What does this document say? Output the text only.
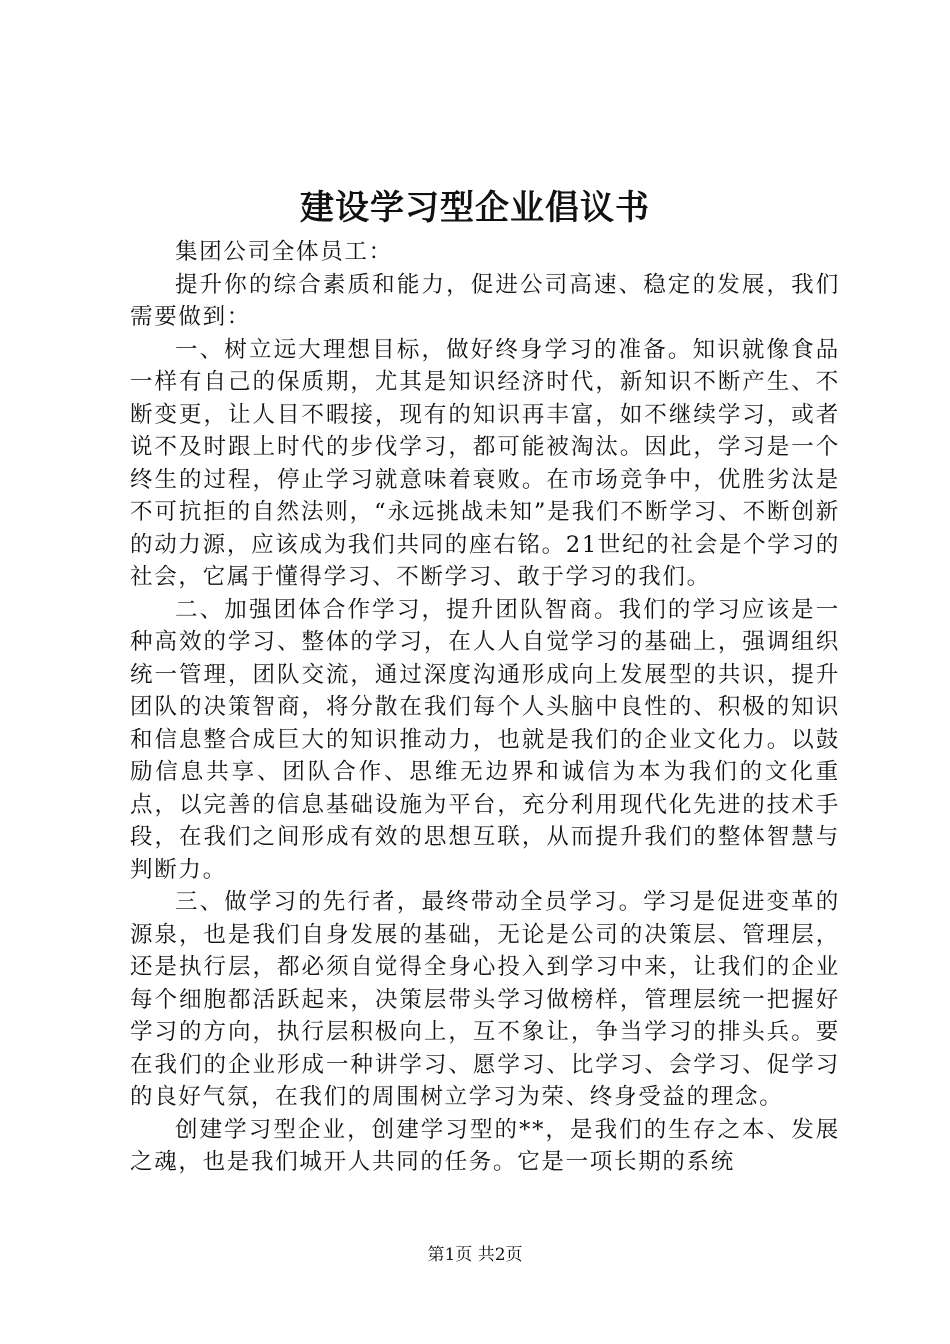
建设学习型企业倡议书

集团公司全体员工：

提升你的综合素质和能力，促进公司高速、稳定的发展，我们需要做到：

一、树立远大理想目标，做好终身学习的准备。知识就像食品一样有自己的保质期，尤其是知识经济时代，新知识不断产生、不断变更，让人目不暇接，现有的知识再丰富，如不继续学习，或者说不及时跟上时代的步伐学习，都可能被淘汰。因此，学习是一个终生的过程，停止学习就意味着衰败。在市场竞争中，优胜劣汰是不可抗拒的自然法则，“永远挑战未知”是我们不断学习、不断创新的动力源，应该成为我们共同的座右铭。21世纪的社会是个学习的社会，它属于懂得学习、不断学习、敢于学习的我们。

二、加强团体合作学习，提升团队智商。我们的学习应该是一种高效的学习、整体的学习，在人人自觉学习的基础上，强调组织统一管理，团队交流，通过深度沟通形成向上发展型的共识，提升团队的决策智商，将分散在我们每个人头脑中良性的、积极的知识和信息整合成巨大的知识推动力，也就是我们的企业文化力。以鼓励信息共享、团队合作、思维无边界和诚信为本为我们的文化重点，以完善的信息基础设施为平台，充分利用现代化先进的技术手段，在我们之间形成有效的思想互联，从而提升我们的整体智慧与判断力。

三、做学习的先行者，最终带动全员学习。学习是促进变革的源泉，也是我们自身发展的基础，无论是公司的决策层、管理层，还是执行层，都必须自觉得全身心投入到学习中来，让我们的企业每个细胞都活跃起来，决策层带头学习做榜样，管理层统一把握好学习的方向，执行层积极向上，互不象让，争当学习的排头兵。要在我们的企业形成一种讲学习、愿学习、比学习、会学习、促学习的良好气氛，在我们的周围树立学习为荣、终身受益的理念。

创建学习型企业，创建学习型的**，是我们的生存之本、发展之魂，也是我们城开人共同的任务。它是一项长期的系统

第1页 共2页
